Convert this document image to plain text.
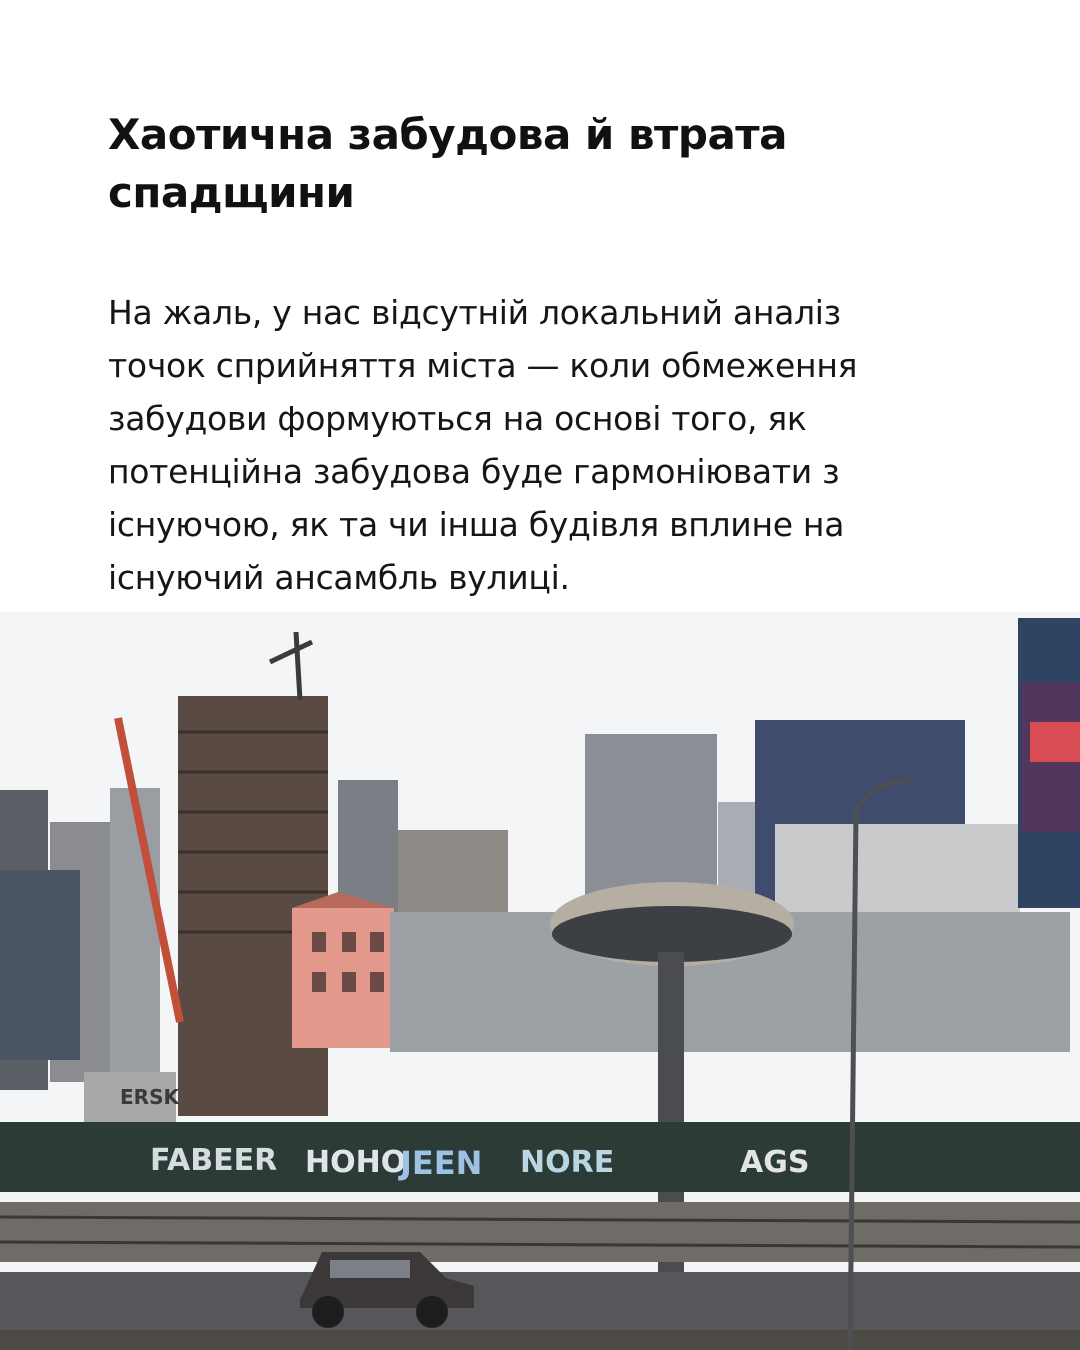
Хаотична забудова й втрата спадщини

На жаль, у нас відсутній локальний аналіз точок сприйняття міста — коли обмеження забудови формуються на основі того, як потенційна забудова буде гармоніювати з існуючою, як та чи інша будівля вплине на існуючий ансамбль вулиці.

ERSK
FABEER HOHO
JEEN NORE	AGS
